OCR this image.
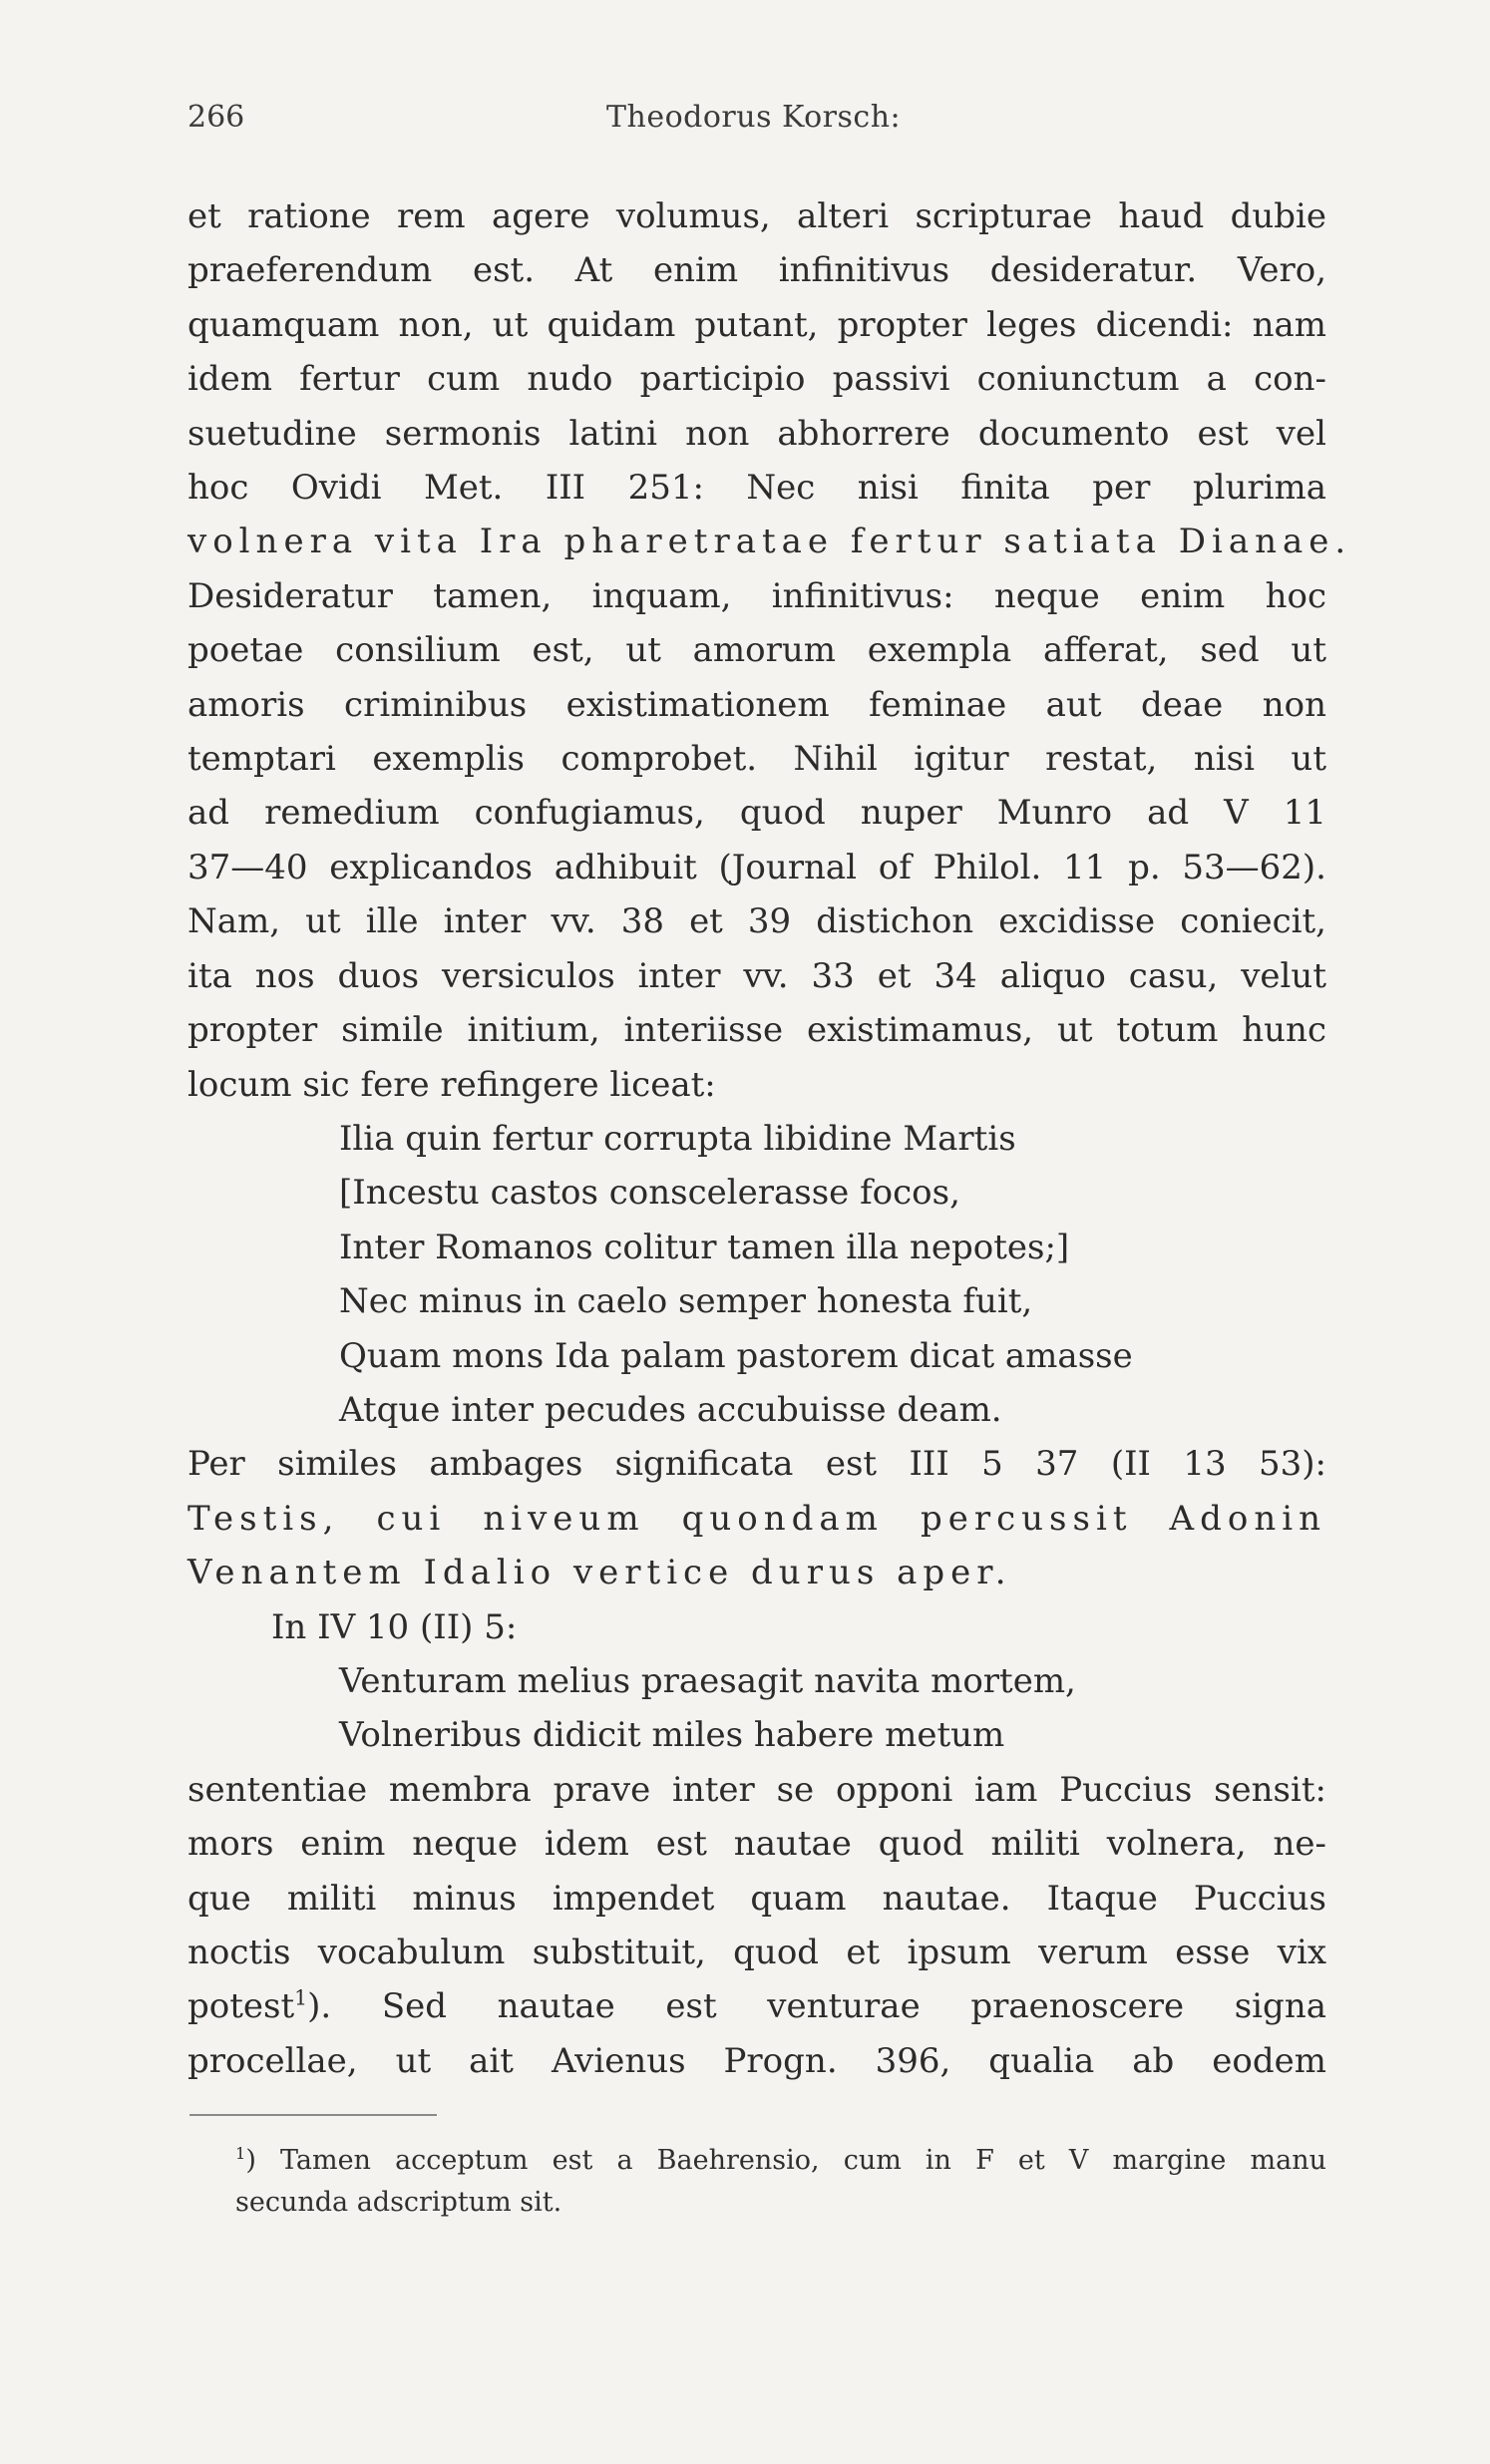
266	Theodorus Korsch:
et ratione rem agere volumus, alteri scripturae haud dubie
praeferendum est. At enim infinitivus desideratur. Vero,
quamquam non, ut quidam putant, propter leges dicendi: nam
idem fertur cum nudo participio passivi coniunctum a con-
suetudine sermonis latini non abhorrere documento est vel
hoc Ovidi Met. III 251: Nec nisi finita per plurima
volnera vita Ira pharetratae fertur satiata Dianae.
Desideratur tamen, inquam, infinitivus: neque enim hoc
poetae consilium est, ut amorum exempla afferat, sed ut
amoris criminibus existimationem feminae aut deae non
temptari exemplis comprobet. Nihil igitur restat, nisi ut
ad remedium confugiamus, quod nuper Munro ad V 11
37—40 explicandos adhibuit (Journal of Philol. 11 p. 53—62).
Nam, ut ille inter vv. 38 et 39 distichon excidisse coniecit,
ita nos duos versiculos inter vv. 33 et 34 aliquo casu, velut
propter simile initium, interiisse existimamus, ut totum hunc
locum sic fere refingere liceat:
Ilia quin fertur corrupta libidine Martis
[Incestu castos conscelerasse focos,
Inter Romanos colitur tamen illa nepotes;]
Nec minus in caelo semper honesta fuit,
Quam mons Ida palam pastorem dicat amasse
Atque inter pecudes accubuisse deam.
Per similes ambages significata est III 5 37 (II 13 53):
Testis, cui niveum quondam percussit Adonin
Venantem Idalio vertice durus aper.
In IV 10 (II) 5:
Venturam melius praesagit navita mortem,
Volneribus didicit miles habere metum
sententiae membra prave inter se opponi iam Puccius sensit:
mors enim neque idem est nautae quod militi volnera, ne-
que militi minus impendet quam nautae. Itaque Puccius
noctis vocabulum substituit, quod et ipsum verum esse vix
potest$^1$). Sed nautae est venturae praenoscere signa
procellae, ut ait Avienus Progn. 396, qualia ab eodem
$^1$) Tamen acceptum est a Baehrensio, cum in F et V margine manu
secunda adscriptum sit.
